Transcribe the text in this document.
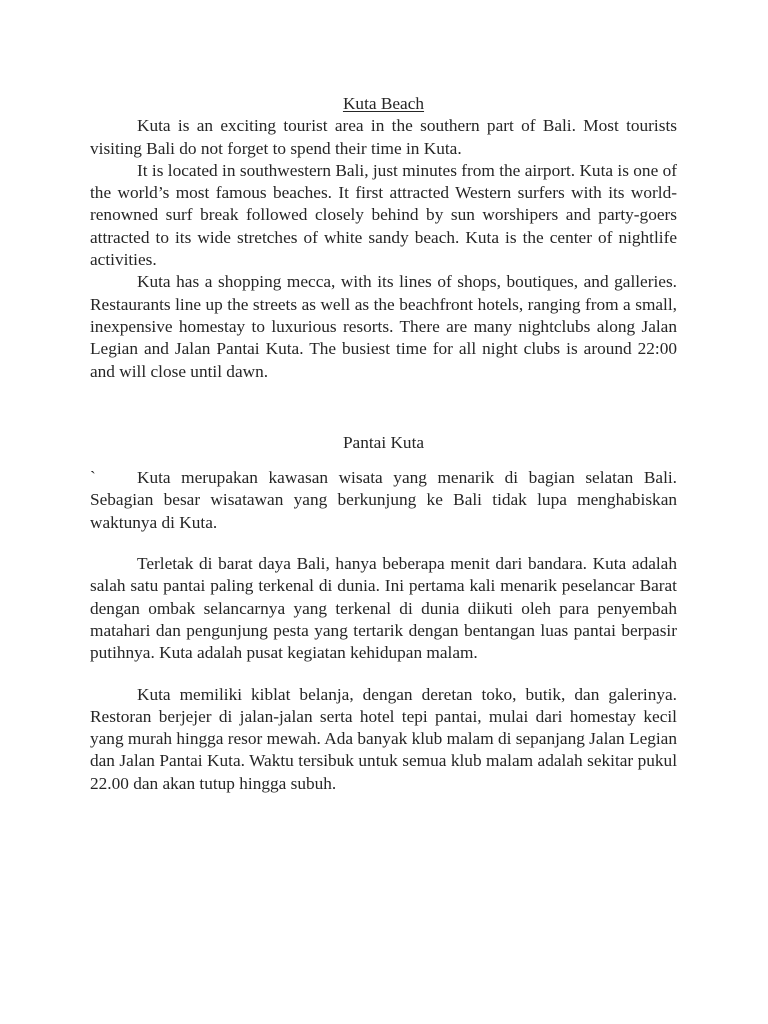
Kuta Beach

Kuta is an exciting tourist area in the southern part of Bali. Most tourists visiting Bali do not forget to spend their time in Kuta.

It is located in southwestern Bali, just minutes from the airport. Kuta is one of the world’s most famous beaches. It first attracted Western surfers with its world-renowned surf break followed closely behind by sun worshipers and party-goers attracted to its wide stretches of white sandy beach. Kuta is the center of nightlife activities.

Kuta has a shopping mecca, with its lines of shops, boutiques, and galleries. Restaurants line up the streets as well as the beachfront hotels, ranging from a small, inexpensive homestay to luxurious resorts. There are many nightclubs along Jalan Legian and Jalan Pantai Kuta. The busiest time for all night clubs is around 22:00 and will close until dawn.

Pantai Kuta

` Kuta merupakan kawasan wisata yang menarik di bagian selatan Bali. Sebagian besar wisatawan yang berkunjung ke Bali tidak lupa menghabiskan waktunya di Kuta.

Terletak di barat daya Bali, hanya beberapa menit dari bandara. Kuta adalah salah satu pantai paling terkenal di dunia. Ini pertama kali menarik peselancar Barat dengan ombak selancarnya yang terkenal di dunia diikuti oleh para penyembah matahari dan pengunjung pesta yang tertarik dengan bentangan luas pantai berpasir putihnya. Kuta adalah pusat kegiatan kehidupan malam.

Kuta memiliki kiblat belanja, dengan deretan toko, butik, dan galerinya. Restoran berjejer di jalan-jalan serta hotel tepi pantai, mulai dari homestay kecil yang murah hingga resor mewah. Ada banyak klub malam di sepanjang Jalan Legian dan Jalan Pantai Kuta. Waktu tersibuk untuk semua klub malam adalah sekitar pukul 22.00 dan akan tutup hingga subuh.
